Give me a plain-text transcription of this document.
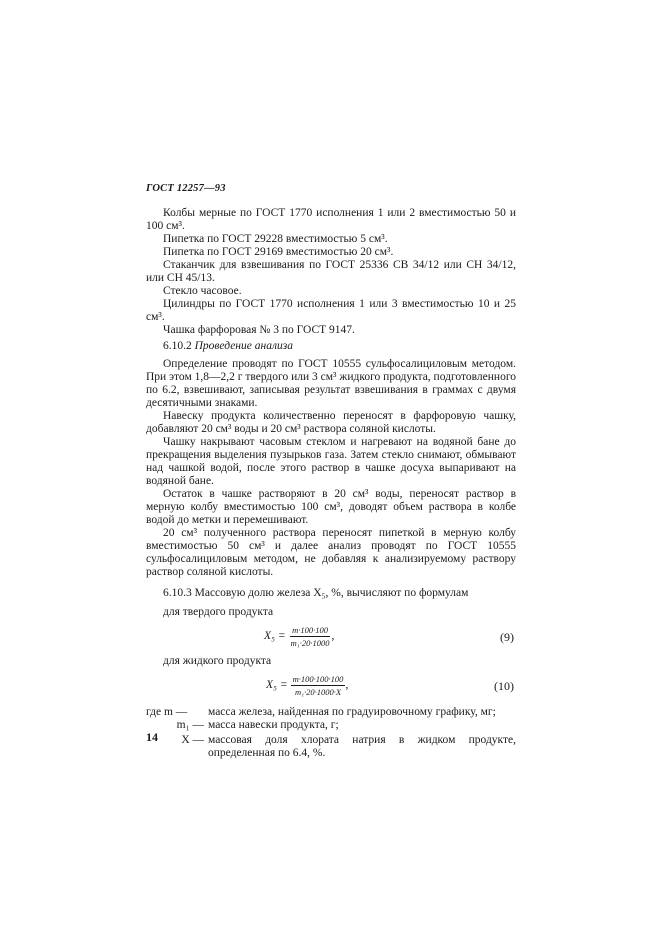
ГОСТ 12257—93

Колбы мерные по ГОСТ 1770 исполнения 1 или 2 вместимостью 50 и 100 см³.

Пипетка по ГОСТ 29228 вместимостью 5 см³.

Пипетка по ГОСТ 29169 вместимостью 20 см³.

Стаканчик для взвешивания по ГОСТ 25336 СВ 34/12 или СН 34/12, или СН 45/13.

Стекло часовое.

Цилиндры по ГОСТ 1770 исполнения 1 или 3 вместимостью 10 и 25 см³.

Чашка фарфоровая № 3 по ГОСТ 9147.

6.10.2 Проведение анализа

Определение проводят по ГОСТ 10555 сульфосалициловым методом. При этом 1,8—2,2 г твердого или 3 см³ жидкого продукта, подготовленного по 6.2, взвешивают, записывая результат взвешивания в граммах с двумя десятичными знаками.

Навеску продукта количественно переносят в фарфоровую чашку, добавляют 20 см³ воды и 20 см³ раствора соляной кислоты.

Чашку накрывают часовым стеклом и нагревают на водяной бане до прекращения выделения пузырьков газа. Затем стекло снимают, обмывают над чашкой водой, после этого раствор в чашке досуха выпаривают на водяной бане.

Остаток в чашке растворяют в 20 см³ воды, переносят раствор в мерную колбу вместимостью 100 см³, доводят объем раствора в колбе водой до метки и перемешивают.

20 см³ полученного раствора переносят пипеткой в мерную колбу вместимостью 50 см³ и далее анализ проводят по ГОСТ 10555 сульфосалициловым методом, не добавляя к анализируемому раствору раствор соляной кислоты.

6.10.3 Массовую долю железа X₅, %, вычисляют по формулам

для твердого продукта

$X_5 = \frac{m\cdot 100\cdot 100}{\text{m₁·20·1000}}$ ,	(9)

для жидкого продукта

$X_5 = \frac{m\cdot 100\cdot 100\cdot 100}{\text{m₁·20·1000·X}}$ ,	(10)
где m —	масса железа, найденная по градуировочному графику, мг;
m₁ — масса навески продукта, г;
X — массовая доля хлората натрия в жидком продукте, определенная по 6.4, %.
14
